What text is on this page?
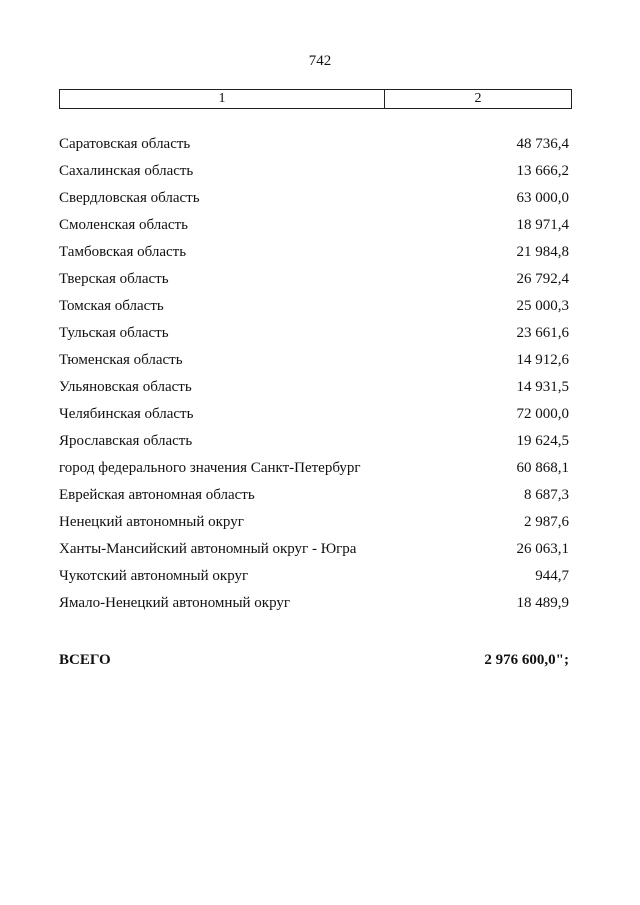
742
1	2
Саратовская область	48 736,4
Сахалинская область	13 666,2
Свердловская область	63 000,0
Смоленская область	18 971,4
Тамбовская область	21 984,8
Тверская область	26 792,4
Томская область	25 000,3
Тульская область	23 661,6
Тюменская область	14 912,6
Ульяновская область	14 931,5
Челябинская область	72 000,0
Ярославская область	19 624,5
город федерального значения Санкт-Петербург	60 868,1
Еврейская автономная область	8 687,3
Ненецкий автономный округ	2 987,6
Ханты-Мансийский автономный округ - Югра	26 063,1
Чукотский автономный округ	944,7
Ямало-Ненецкий автономный округ	18 489,9
ВСЕГО	2 976 600,0";
